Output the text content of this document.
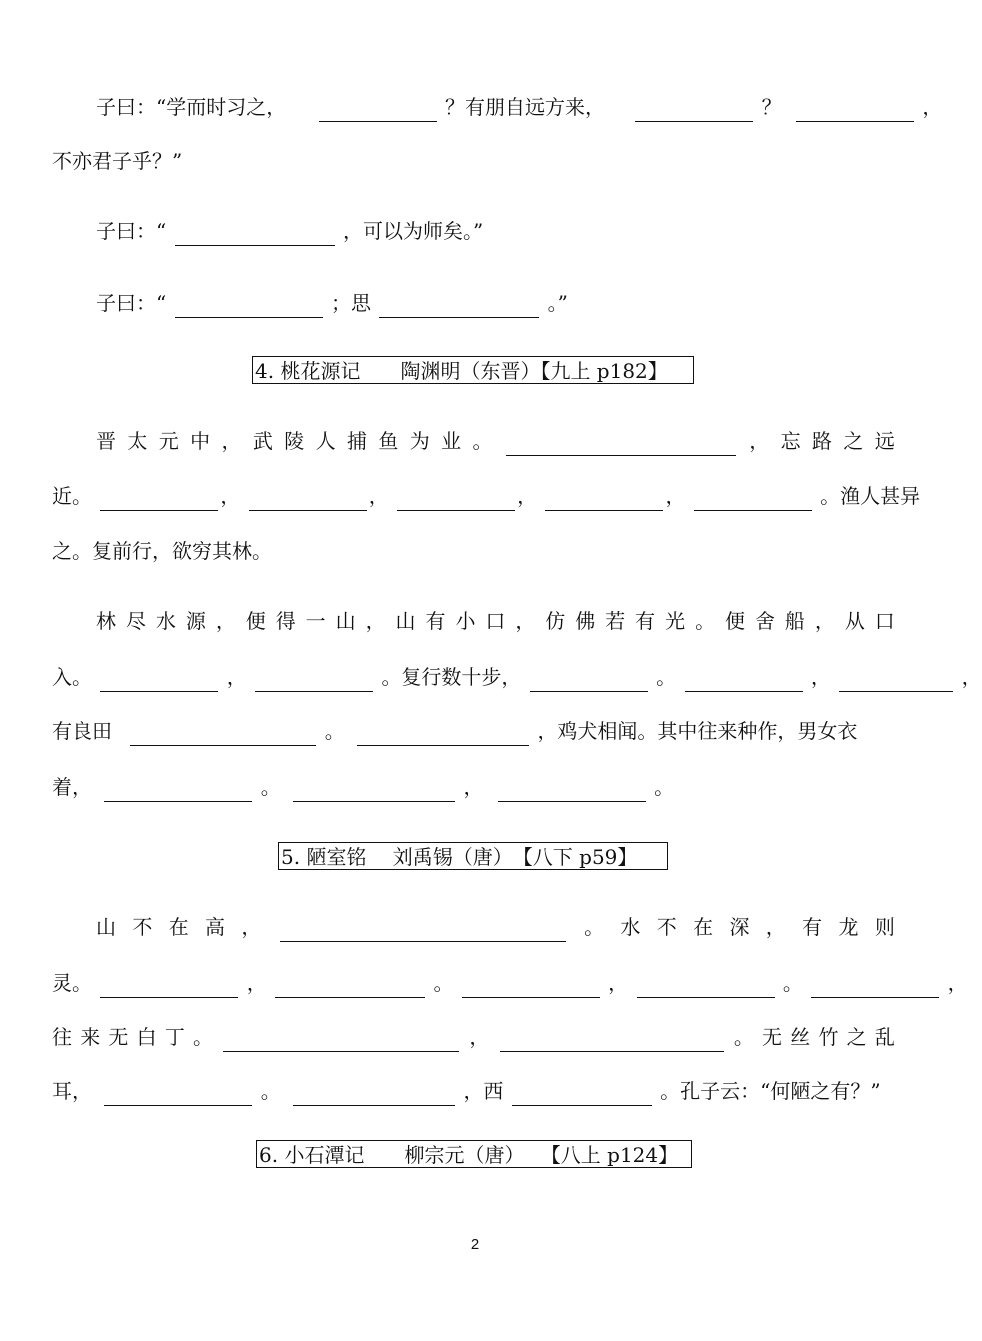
子曰：“学而时习之，	？有朋自远方来，	？	，
不亦君子乎？”
子曰：“	，可以为师矣。”
子曰：“	；思	。”
4. 桃花源记　　陶渊明（东晋）【九上 p182】
晋 太 元 中 ， 武 陵 人 捕 鱼 为 业 。	， 忘 路 之 远
近。	，	，	，	，	。渔人甚异
之。复前行，欲穷其林。
林 尽 水 源 ， 便 得 一 山 ， 山 有 小 口 ， 仿 佛 若 有 光 。 便 舍 船 ， 从 口
入。	，	。复行数十步，	。	，	，
有良田	。	，鸡犬相闻。其中往来种作，男女衣
着，	。	，	。
5. 陋室铭　 刘禹锡（唐）　【八下 p59】
山 不 在 高 ，	。 水 不 在 深 ， 有 龙 则
灵。	，	。	，	。	，
往 来 无 白 丁 。	，	。 无 丝 竹 之 乱
耳，	。	，西	。孔子云：“何陋之有？”
6. 小石潭记　　柳宗元（唐）　 【八上 p124】
2
